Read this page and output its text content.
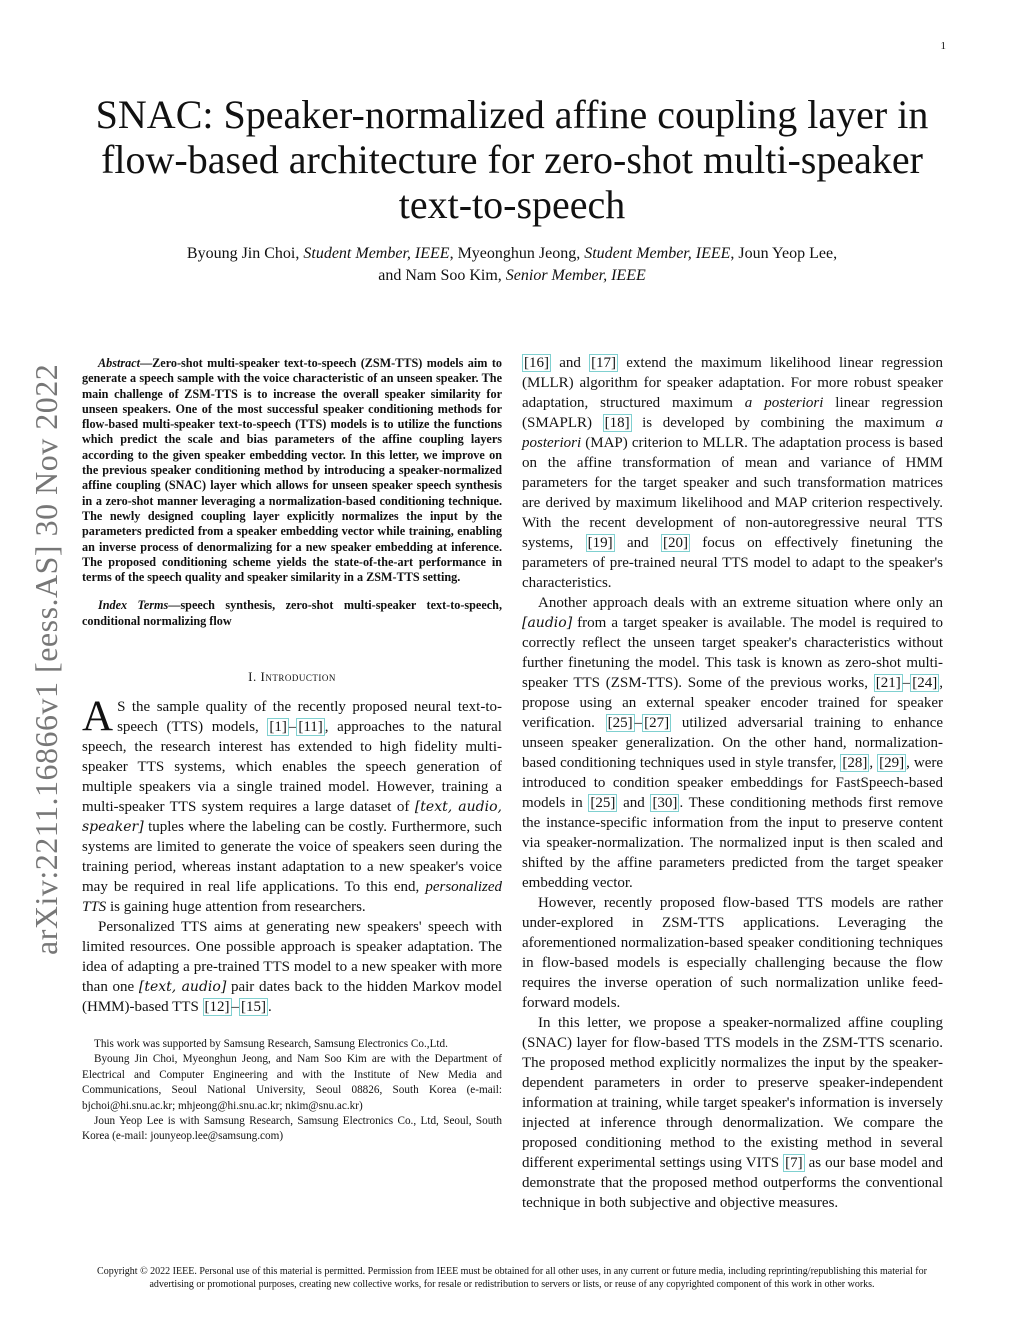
1
SNAC: Speaker-normalized affine coupling layer in flow-based architecture for zero-shot multi-speaker text-to-speech
Byoung Jin Choi, Student Member, IEEE, Myeonghun Jeong, Student Member, IEEE, Joun Yeop Lee,
and Nam Soo Kim, Senior Member, IEEE
arXiv:2211.16866v1 [eess.AS] 30 Nov 2022

Abstract—Zero-shot multi-speaker text-to-speech (ZSM-TTS) models aim to generate a speech sample with the voice characteristic of an unseen speaker. The main challenge of ZSM-TTS is to increase the overall speaker similarity for unseen speakers. One of the most successful speaker conditioning methods for flow-based multi-speaker text-to-speech (TTS) models is to utilize the functions which predict the scale and bias parameters of the affine coupling layers according to the given speaker embedding vector. In this letter, we improve on the previous speaker conditioning method by introducing a speaker-normalized affine coupling (SNAC) layer which allows for unseen speaker speech synthesis in a zero-shot manner leveraging a normalization-based conditioning technique. The newly designed coupling layer explicitly normalizes the input by the parameters predicted from a speaker embedding vector while training, enabling an inverse process of denormalizing for a new speaker embedding at inference. The proposed conditioning scheme yields the state-of-the-art performance in terms of the speech quality and speaker similarity in a ZSM-TTS setting.

Index Terms—speech synthesis, zero-shot multi-speaker text-to-speech, conditional normalizing flow

I. Introduction

A S the sample quality of the recently proposed neural text-to-speech (TTS) models, [1] – [11] , approaches to the natural speech, the research interest has extended to high fidelity multi-speaker TTS systems, which enables the speech generation of multiple speakers via a single trained model. However, training a multi-speaker TTS system requires a large dataset of [text, audio, speaker] tuples where the labeling can be costly. Furthermore, such systems are limited to generate the voice of speakers seen during the training period, whereas instant adaptation to a new speaker's voice may be required in real life applications. To this end, personalized TTS is gaining huge attention from researchers.

Personalized TTS aims at generating new speakers' speech with limited resources. One possible approach is speaker adaptation. The idea of adapting a pre-trained TTS model to a new speaker with more than one [text, audio] pair dates back to the hidden Markov model (HMM)-based TTS [12] – [15] .

This work was supported by Samsung Research, Samsung Electronics Co.,Ltd.

Byoung Jin Choi, Myeonghun Jeong, and Nam Soo Kim are with the Department of Electrical and Computer Engineering and with the Institute of New Media and Communications, Seoul National University, Seoul 08826, South Korea (e-mail: bjchoi@hi.snu.ac.kr; mhjeong@hi.snu.ac.kr; nkim@snu.ac.kr)

Joun Yeop Lee is with Samsung Research, Samsung Electronics Co., Ltd, Seoul, South Korea (e-mail: jounyeop.lee@samsung.com)

[16] and [17] extend the maximum likelihood linear regression (MLLR) algorithm for speaker adaptation. For more robust speaker adaptation, structured maximum a posteriori linear regression (SMAPLR) [18] is developed by combining the maximum a posteriori (MAP) criterion to MLLR. The adaptation process is based on the affine transformation of mean and variance of HMM parameters for the target speaker and such transformation matrices are derived by maximum likelihood and MAP criterion respectively. With the recent development of non-autoregressive neural TTS systems, [19] and [20] focus on effectively finetuning the parameters of pre-trained neural TTS model to adapt to the speaker's characteristics.

Another approach deals with an extreme situation where only an [audio] from a target speaker is available. The model is required to correctly reflect the unseen target speaker's characteristics without further finetuning the model. This task is known as zero-shot multi-speaker TTS (ZSM-TTS). Some of the previous works, [21] – [24] , propose using an external speaker encoder trained for speaker verification. [25] – [27] utilized adversarial training to enhance unseen speaker generalization. On the other hand, normalization-based conditioning techniques used in style transfer, [28] , [29] , were introduced to condition speaker embeddings for FastSpeech-based models in [25] and [30] . These conditioning methods first remove the instance-specific information from the input to preserve content via speaker-normalization. The normalized input is then scaled and shifted by the affine parameters predicted from the target speaker embedding vector.

However, recently proposed flow-based TTS models are rather under-explored in ZSM-TTS applications. Leveraging the aforementioned normalization-based speaker conditioning techniques in flow-based models is especially challenging because the flow requires the inverse operation of such normalization unlike feed-forward models.

In this letter, we propose a speaker-normalized affine coupling (SNAC) layer for flow-based TTS models in the ZSM-TTS scenario. The proposed method explicitly normalizes the input by the speaker-dependent parameters in order to preserve speaker-independent information at training, while target speaker's information is inversely injected at inference through denormalization. We compare the proposed conditioning method to the existing method in several different experimental settings using VITS [7] as our base model and demonstrate that the proposed method outperforms the conventional technique in both subjective and objective measures.

Copyright © 2022 IEEE. Personal use of this material is permitted. Permission from IEEE must be obtained for all other uses, in any current or future media, including reprinting/republishing this material for advertising or promotional purposes, creating new collective works, for resale or redistribution to servers or lists, or reuse of any copyrighted component of this work in other works.
